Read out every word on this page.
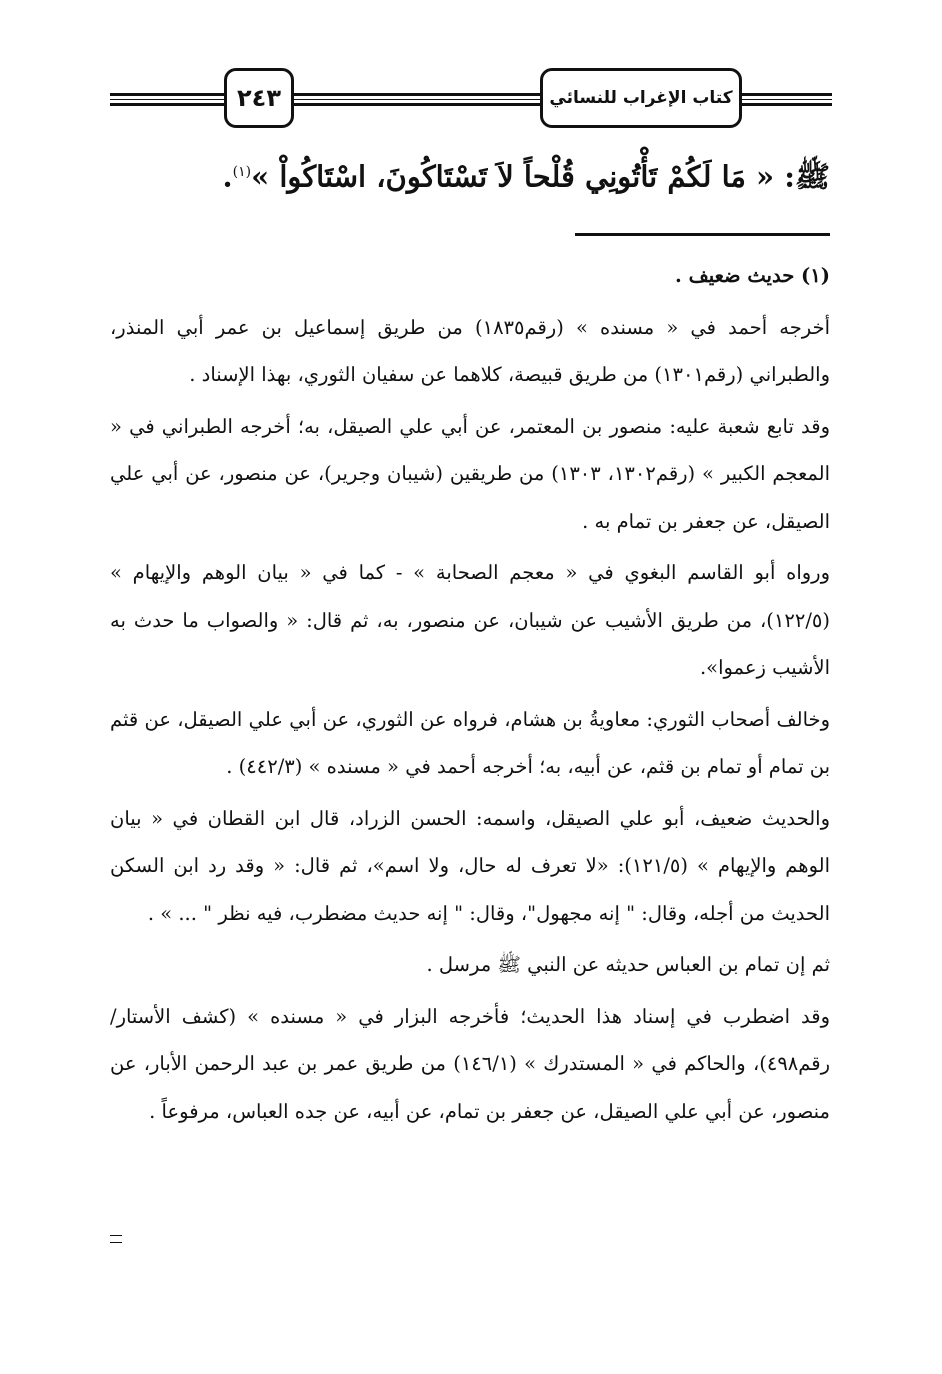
٢٤٣	كتاب الإغراب للنسائي
ﷺ: « مَا لَكُمْ تَأْتُونِي قُلْحاً لاَ تَسْتَاكُونَ، اسْتَاكُواْ »$^{(١)}$.

(١) حديث ضعيف .

أخرجه أحمد في « مسنده » (رقم١٨٣٥) من طريق إسماعيل بن عمر أبي المنذر، والطبراني (رقم١٣٠١) من طريق قبيصة، كلاهما عن سفيان الثوري، بهذا الإسناد .

وقد تابع شعبة عليه: منصور بن المعتمر، عن أبي علي الصيقل، به؛ أخرجه الطبراني في « المعجم الكبير » (رقم١٣٠٢، ١٣٠٣) من طريقين (شيبان وجرير)، عن منصور، عن أبي علي الصيقل، عن جعفر بن تمام به .

ورواه أبو القاسم البغوي في « معجم الصحابة » - كما في « بيان الوهم والإيهام » (١٢٢/٥)، من طريق الأشيب عن شيبان، عن منصور، به، ثم قال: « والصواب ما حدث به الأشيب زعموا».

وخالف أصحاب الثوري: معاويةُ بن هشام، فرواه عن الثوري، عن أبي علي الصيقل، عن قثم بن تمام أو تمام بن قثم، عن أبيه، به؛ أخرجه أحمد في « مسنده » (٤٤٢/٣) .

والحديث ضعيف، أبو علي الصيقل، واسمه: الحسن الزراد، قال ابن القطان في « بيان الوهم والإيهام » (١٢١/٥): «لا تعرف له حال، ولا اسم»، ثم قال: « وقد رد ابن السكن الحديث من أجله، وقال: " إنه مجهول"، وقال: " إنه حديث مضطرب، فيه نظر " ... » .

ثم إن تمام بن العباس حديثه عن النبي ﷺ مرسل .

وقد اضطرب في إسناد هذا الحديث؛ فأخرجه البزار في « مسنده » (كشف الأستار/رقم٤٩٨)، والحاكم في « المستدرك » (١٤٦/١) من طريق عمر بن عبد الرحمن الأبار، عن منصور، عن أبي علي الصيقل، عن جعفر بن تمام، عن أبيه، عن جده العباس، مرفوعاً .
